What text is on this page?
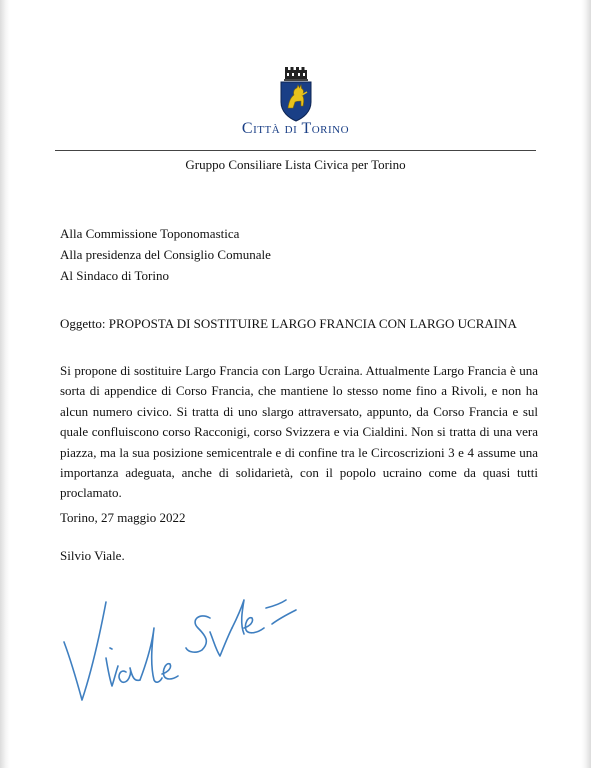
Città di Torino
Gruppo Consiliare Lista Civica per Torino
Alla Commissione Toponomastica
Alla presidenza del Consiglio Comunale
Al Sindaco di Torino
Oggetto: PROPOSTA DI SOSTITUIRE LARGO FRANCIA CON LARGO UCRAINA

Si propone di sostituire Largo Francia con Largo Ucraina. Attualmente Largo Francia è una sorta di appendice di Corso Francia, che mantiene lo stesso nome fino a Rivoli, e non ha alcun numero civico. Si tratta di uno slargo attraversato, appunto, da Corso Francia e sul quale confluiscono corso Racconigi, corso Svizzera e via Cialdini. Non si tratta di una vera piazza, ma la sua posizione semicentrale e di confine tra le Circoscrizioni 3 e 4 assume una importanza adeguata, anche di solidarietà, con il popolo ucraino come da quasi tutti proclamato.

Torino, 27 maggio 2022
Silvio Viale.
